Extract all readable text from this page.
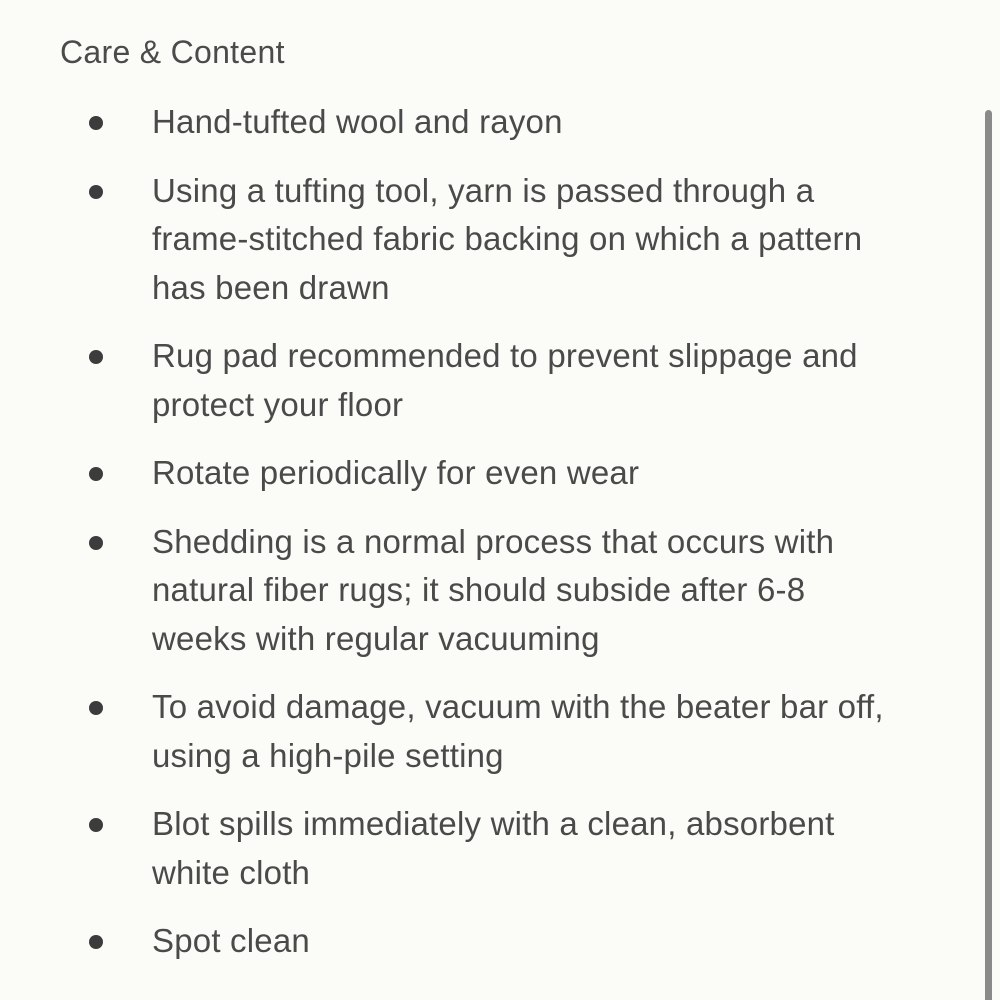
Care & Content
Hand-tufted wool and rayon
Using a tufting tool, yarn is passed through a frame-stitched fabric backing on which a pattern has been drawn
Rug pad recommended to prevent slippage and protect your floor
Rotate periodically for even wear
Shedding is a normal process that occurs with natural fiber rugs; it should subside after 6-8 weeks with regular vacuuming
To avoid damage, vacuum with the beater bar off, using a high-pile setting
Blot spills immediately with a clean, absorbent white cloth
Spot clean
